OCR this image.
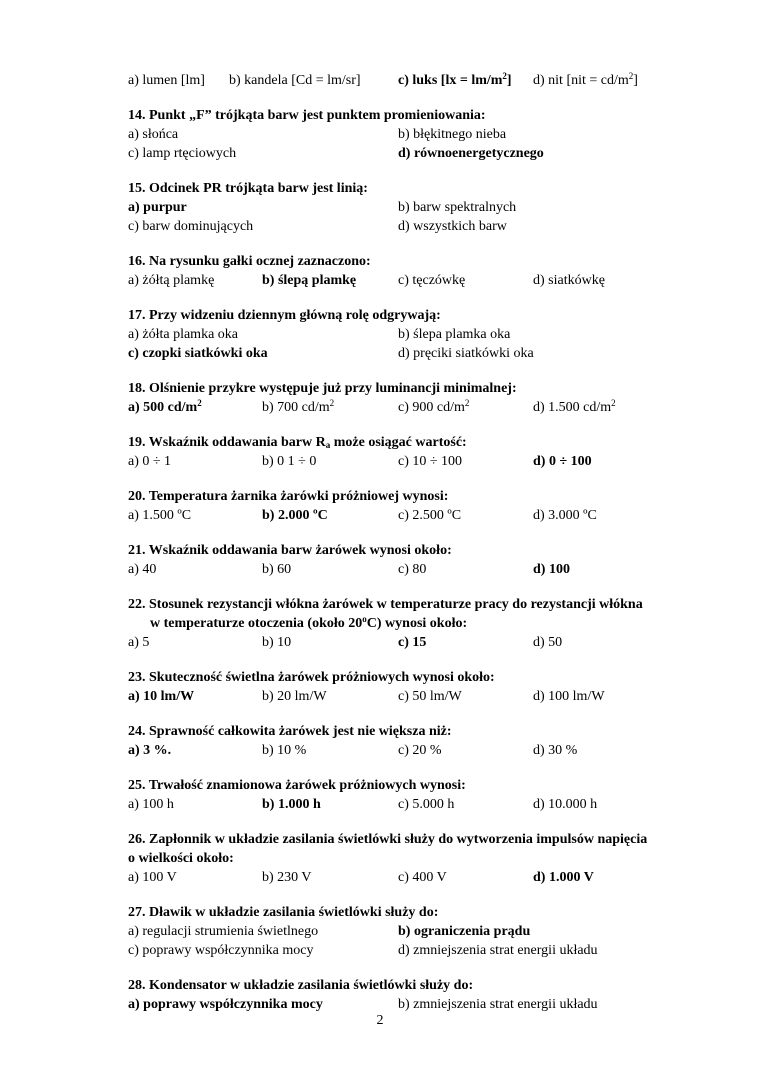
a) lumen [lm] b) kandela [Cd = lm/sr]	c) luks $[lx = lm/m^2]$ d) nit $[nit = cd/m^2]$
14. Punkt „F” trójkąta barw jest punktem promieniowania:
a) słońca	b) błękitnego nieba
c) lamp rtęciowych	d) równoenergetycznego
15. Odcinek PR trójkąta barw jest linią:
a) purpur	b) barw spektralnych
c) barw dominujących	d) wszystkich barw
16. Na rysunku gałki ocznej zaznaczono:
a) żółtą plamkę	b) ślepą plamkę	c) tęczówkę	d) siatkówkę
17. Przy widzeniu dziennym główną rolę odgrywają:
a) żółta plamka oka	b) ślepa plamka oka
c) czopki siatkówki oka	d) pręciki siatkówki oka
18. Olśnienie przykre występuje już przy luminancji minimalnej:
a) 500 $cd/m^2$	b) 700 $cd/m^2$	c) 900 $cd/m^2$	d) 1.500 $cd/m^2$
19. Wskaźnik oddawania barw $R_a$ może osiągać wartość:
a) 0 ÷ 1	b) 0 1 ÷ 0	c) 10 ÷ 100	d) 0 ÷ 100
20. Temperatura żarnika żarówki próżniowej wynosi:
a) 1.500 ºC	b) 2.000 ºC	c) 2.500 ºC	d) 3.000 ºC
21. Wskaźnik oddawania barw żarówek wynosi około:
a) 40	b) 60	c) 80	d) 100
22. Stosunek rezystancji włókna żarówek w temperaturze pracy do rezystancji włókna
w temperaturze otoczenia (około 20$^o$C) wynosi około:
a) 5	b) 10	c) 15	d) 50
23. Skuteczność świetlna żarówek próżniowych wynosi około:
a) 10 lm/W	b) 20 lm/W	c) 50 lm/W	d) 100 lm/W
24. Sprawność całkowita żarówek jest nie większa niż:
a) 3 %.	b) 10 %	c) 20 %	d) 30 %
25. Trwałość znamionowa żarówek próżniowych wynosi:
a) 100 h	b) 1.000 h	c) 5.000 h	d) 10.000 h
26. Zapłonnik w układzie zasilania świetlówki służy do wytworzenia impulsów napięcia
o wielkości około:
a) 100 V	b) 230 V	c) 400 V	d) 1.000 V
27. Dławik w układzie zasilania świetlówki służy do:
a) regulacji strumienia świetlnego	b) ograniczenia prądu
c) poprawy współczynnika mocy	d) zmniejszenia strat energii układu
28. Kondensator w układzie zasilania świetlówki służy do:
a) poprawy współczynnika mocy	b) zmniejszenia strat energii układu
2
